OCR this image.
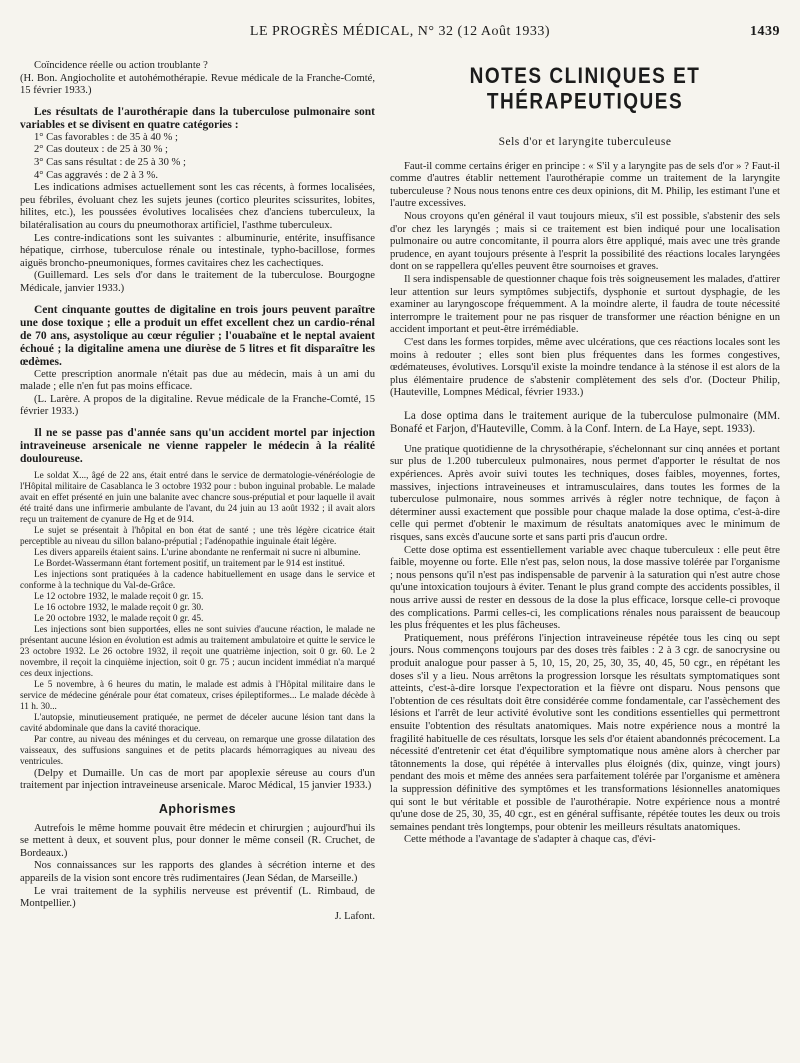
LE PROGRÈS MÉDICAL, N° 32 (12 Août 1933)	1439

Coïncidence réelle ou action troublante ?

(H. Bon. Angiocholite et autohémothérapie. Revue médicale de la Franche-Comté, 15 février 1933.)

Les résultats de l'aurothérapie dans la tuberculose pulmonaire sont variables et se divisent en quatre catégories :

1° Cas favorables : de 35 à 40 % ;

2° Cas douteux : de 25 à 30 % ;

3° Cas sans résultat : de 25 à 30 % ;

4° Cas aggravés : de 2 à 3 %.

Les indications admises actuellement sont les cas récents, à formes localisées, peu fébriles, évoluant chez les sujets jeunes (cortico pleurites scissurites, lobites, hilites, etc.), les poussées évolutives localisées chez d'anciens tuberculeux, la bilatéralisation au cours du pneumothorax artificiel, l'asthme tuberculeux.

Les contre-indications sont les suivantes : albuminurie, entérite, insuffisance hépatique, cirrhose, tuberculose rénale ou intestinale, typho-bacillose, formes aiguës broncho-pneumoniques, formes cavitaires chez les cachectiques.

(Guillemard. Les sels d'or dans le traitement de la tuberculose. Bourgogne Médicale, janvier 1933.)

Cent cinquante gouttes de digitaline en trois jours peuvent paraître une dose toxique ; elle a produit un effet excellent chez un cardio-rénal de 70 ans, asystolique au cœur régulier ; l'ouabaïne et le neptal avaient échoué ; la digitaline amena une diurèse de 5 litres et fit disparaître les œdèmes.

Cette prescription anormale n'était pas due au médecin, mais à un ami du malade ; elle n'en fut pas moins efficace.

(L. Larère. A propos de la digitaline. Revue médicale de la Franche-Comté, 15 février 1933.)

Il ne se passe pas d'année sans qu'un accident mortel par injection intraveineuse arsenicale ne vienne rappeler le médecin à la réalité douloureuse.

Le soldat X..., âgé de 22 ans, était entré dans le service de dermatologie-vénéréologie de l'Hôpital militaire de Casablanca le 3 octobre 1932 pour : bubon inguinal probable. Le malade avait en effet présenté en juin une balanite avec chancre sous-préputial et pour laquelle il avait été traité dans une infirmerie ambulante de l'avant, du 24 juin au 13 août 1932 ; il avait alors reçu un traitement de cyanure de Hg et de 914.

Le sujet se présentait à l'hôpital en bon état de santé ; une très légère cicatrice était perceptible au niveau du sillon balano-préputial ; l'adénopathie inguinale était légère.

Les divers appareils étaient sains. L'urine abondante ne renfermait ni sucre ni albumine.

Le Bordet-Wassermann étant fortement positif, un traitement par le 914 est institué.

Les injections sont pratiquées à la cadence habituellement en usage dans le service et conforme à la technique du Val-de-Grâce.

Le 12 octobre 1932, le malade reçoit 0 gr. 15.

Le 16 octobre 1932, le malade reçoit 0 gr. 30.

Le 20 octobre 1932, le malade reçoit 0 gr. 45.

Les injections sont bien supportées, elles ne sont suivies d'aucune réaction, le malade ne présentant aucune lésion en évolution est admis au traitement ambulatoire et quitte le service le 23 octobre 1932. Le 26 octobre 1932, il reçoit une quatrième injection, soit 0 gr. 60. Le 2 novembre, il reçoit la cinquième injection, soit 0 gr. 75 ; aucun incident immédiat n'a marqué ces deux injections.

Le 5 novembre, à 6 heures du matin, le malade est admis à l'Hôpital militaire dans le service de médecine générale pour état comateux, crises épileptiformes... Le malade décède à 11 h. 30...

L'autopsie, minutieusement pratiquée, ne permet de déceler aucune lésion tant dans la cavité abdominale que dans la cavité thoracique.

Par contre, au niveau des méninges et du cerveau, on remarque une grosse dilatation des vaisseaux, des suffusions sanguines et de petits placards hémorragiques au niveau des ventricules.

(Delpy et Dumaille. Un cas de mort par apoplexie séreuse au cours d'un traitement par injection intraveineuse arsenicale. Maroc Médical, 15 janvier 1933.)

Aphorismes

Autrefois le même homme pouvait être médecin et chirurgien ; aujourd'hui ils se mettent à deux, et souvent plus, pour donner le même conseil (R. Cruchet, de Bordeaux.)

Nos connaissances sur les rapports des glandes à sécrétion interne et des appareils de la vision sont encore très rudimentaires (Jean Sédan, de Marseille.)

Le vrai traitement de la syphilis nerveuse est préventif (L. Rimbaud, de Montpellier.)

J. Lafont.

NOTES CLINIQUES ET THÉRAPEUTIQUES
Sels d'or et laryngite tuberculeuse

Faut-il comme certains ériger en principe : « S'il y a laryngite pas de sels d'or » ? Faut-il comme d'autres établir nettement l'aurothérapie comme un traitement de la laryngite tuberculeuse ? Nous nous tenons entre ces deux opinions, dit M. Philip, les estimant l'une et l'autre excessives.

Nous croyons qu'en général il vaut toujours mieux, s'il est possible, s'abstenir des sels d'or chez les laryngés ; mais si ce traitement est bien indiqué pour une localisation pulmonaire ou autre concomitante, il pourra alors être appliqué, mais avec une très grande prudence, en ayant toujours présente à l'esprit la possibilité des réactions locales laryngées dont on se rappellera qu'elles peuvent être sournoises et graves.

Il sera indispensable de questionner chaque fois très soigneusement les malades, d'attirer leur attention sur leurs symptômes subjectifs, dysphonie et surtout dysphagie, de les examiner au laryngoscope fréquemment. A la moindre alerte, il faudra de toute nécessité interrompre le traitement pour ne pas risquer de transformer une réaction bénigne en un accident important et peut-être irrémédiable.

C'est dans les formes torpides, même avec ulcérations, que ces réactions locales sont les moins à redouter ; elles sont bien plus fréquentes dans les formes congestives, œdémateuses, évolutives. Lorsqu'il existe la moindre tendance à la sténose il est alors de la plus élémentaire prudence de s'abstenir complètement des sels d'or. (Docteur Philip, (Hauteville, Lompnes Médical, février 1933.)

La dose optima dans le traitement aurique de la tuberculose pulmonaire (MM. Bonafé et Farjon, d'Hauteville, Comm. à la Conf. Intern. de La Haye, sept. 1933).

Une pratique quotidienne de la chrysothérapie, s'échelonnant sur cinq années et portant sur plus de 1.200 tuberculeux pulmonaires, nous permet d'apporter le résultat de nos expériences. Après avoir suivi toutes les techniques, doses faibles, moyennes, fortes, massives, injections intraveineuses et intramusculaires, dans toutes les formes de la tuberculose pulmonaire, nous sommes arrivés à régler notre technique, de façon à déterminer aussi exactement que possible pour chaque malade la dose optima, c'est-à-dire celle qui permet d'obtenir le maximum de résultats anatomiques avec le minimum de risques, sans excès d'aucune sorte et sans parti pris d'aucun ordre.

Cette dose optima est essentiellement variable avec chaque tuberculeux : elle peut être faible, moyenne ou forte. Elle n'est pas, selon nous, la dose massive tolérée par l'organisme ; nous pensons qu'il n'est pas indispensable de parvenir à la saturation qui n'est autre chose qu'une intoxication toujours à éviter. Tenant le plus grand compte des accidents possibles, il nous arrive aussi de rester en dessous de la dose la plus efficace, lorsque celle-ci provoque des complications. Parmi celles-ci, les complications rénales nous paraissent de beaucoup les plus fréquentes et les plus fâcheuses.

Pratiquement, nous préférons l'injection intraveineuse répétée tous les cinq ou sept jours. Nous commençons toujours par des doses très faibles : 2 à 3 cgr. de sanocrysine ou produit analogue pour passer à 5, 10, 15, 20, 25, 30, 35, 40, 45, 50 cgr., en répétant les doses s'il y a lieu. Nous arrêtons la progression lorsque les résultats symptomatiques sont atteints, c'est-à-dire lorsque l'expectoration et la fièvre ont disparu. Nous pensons que l'obtention de ces résultats doit être considérée comme fondamentale, car l'assèchement des lésions et l'arrêt de leur activité évolutive sont les conditions essentielles qui permettront ensuite l'obtention des résultats anatomiques. Mais notre expérience nous a montré la fragilité habituelle de ces résultats, lorsque les sels d'or étaient abandonnés précocement. La nécessité d'entretenir cet état d'équilibre symptomatique nous amène alors à chercher par tâtonnements la dose, qui répétée à intervalles plus éloignés (dix, quinze, vingt jours) pendant des mois et même des années sera parfaitement tolérée par l'organisme et amènera la suppression définitive des symptômes et les transformations lésionnelles anatomiques qui sont le but véritable et possible de l'aurothérapie. Notre expérience nous a montré qu'une dose de 25, 30, 35, 40 cgr., est en général suffisante, répétée toutes les deux ou trois semaines pendant très longtemps, pour obtenir les meilleurs résultats anatomiques.

Cette méthode a l'avantage de s'adapter à chaque cas, d'évi-
